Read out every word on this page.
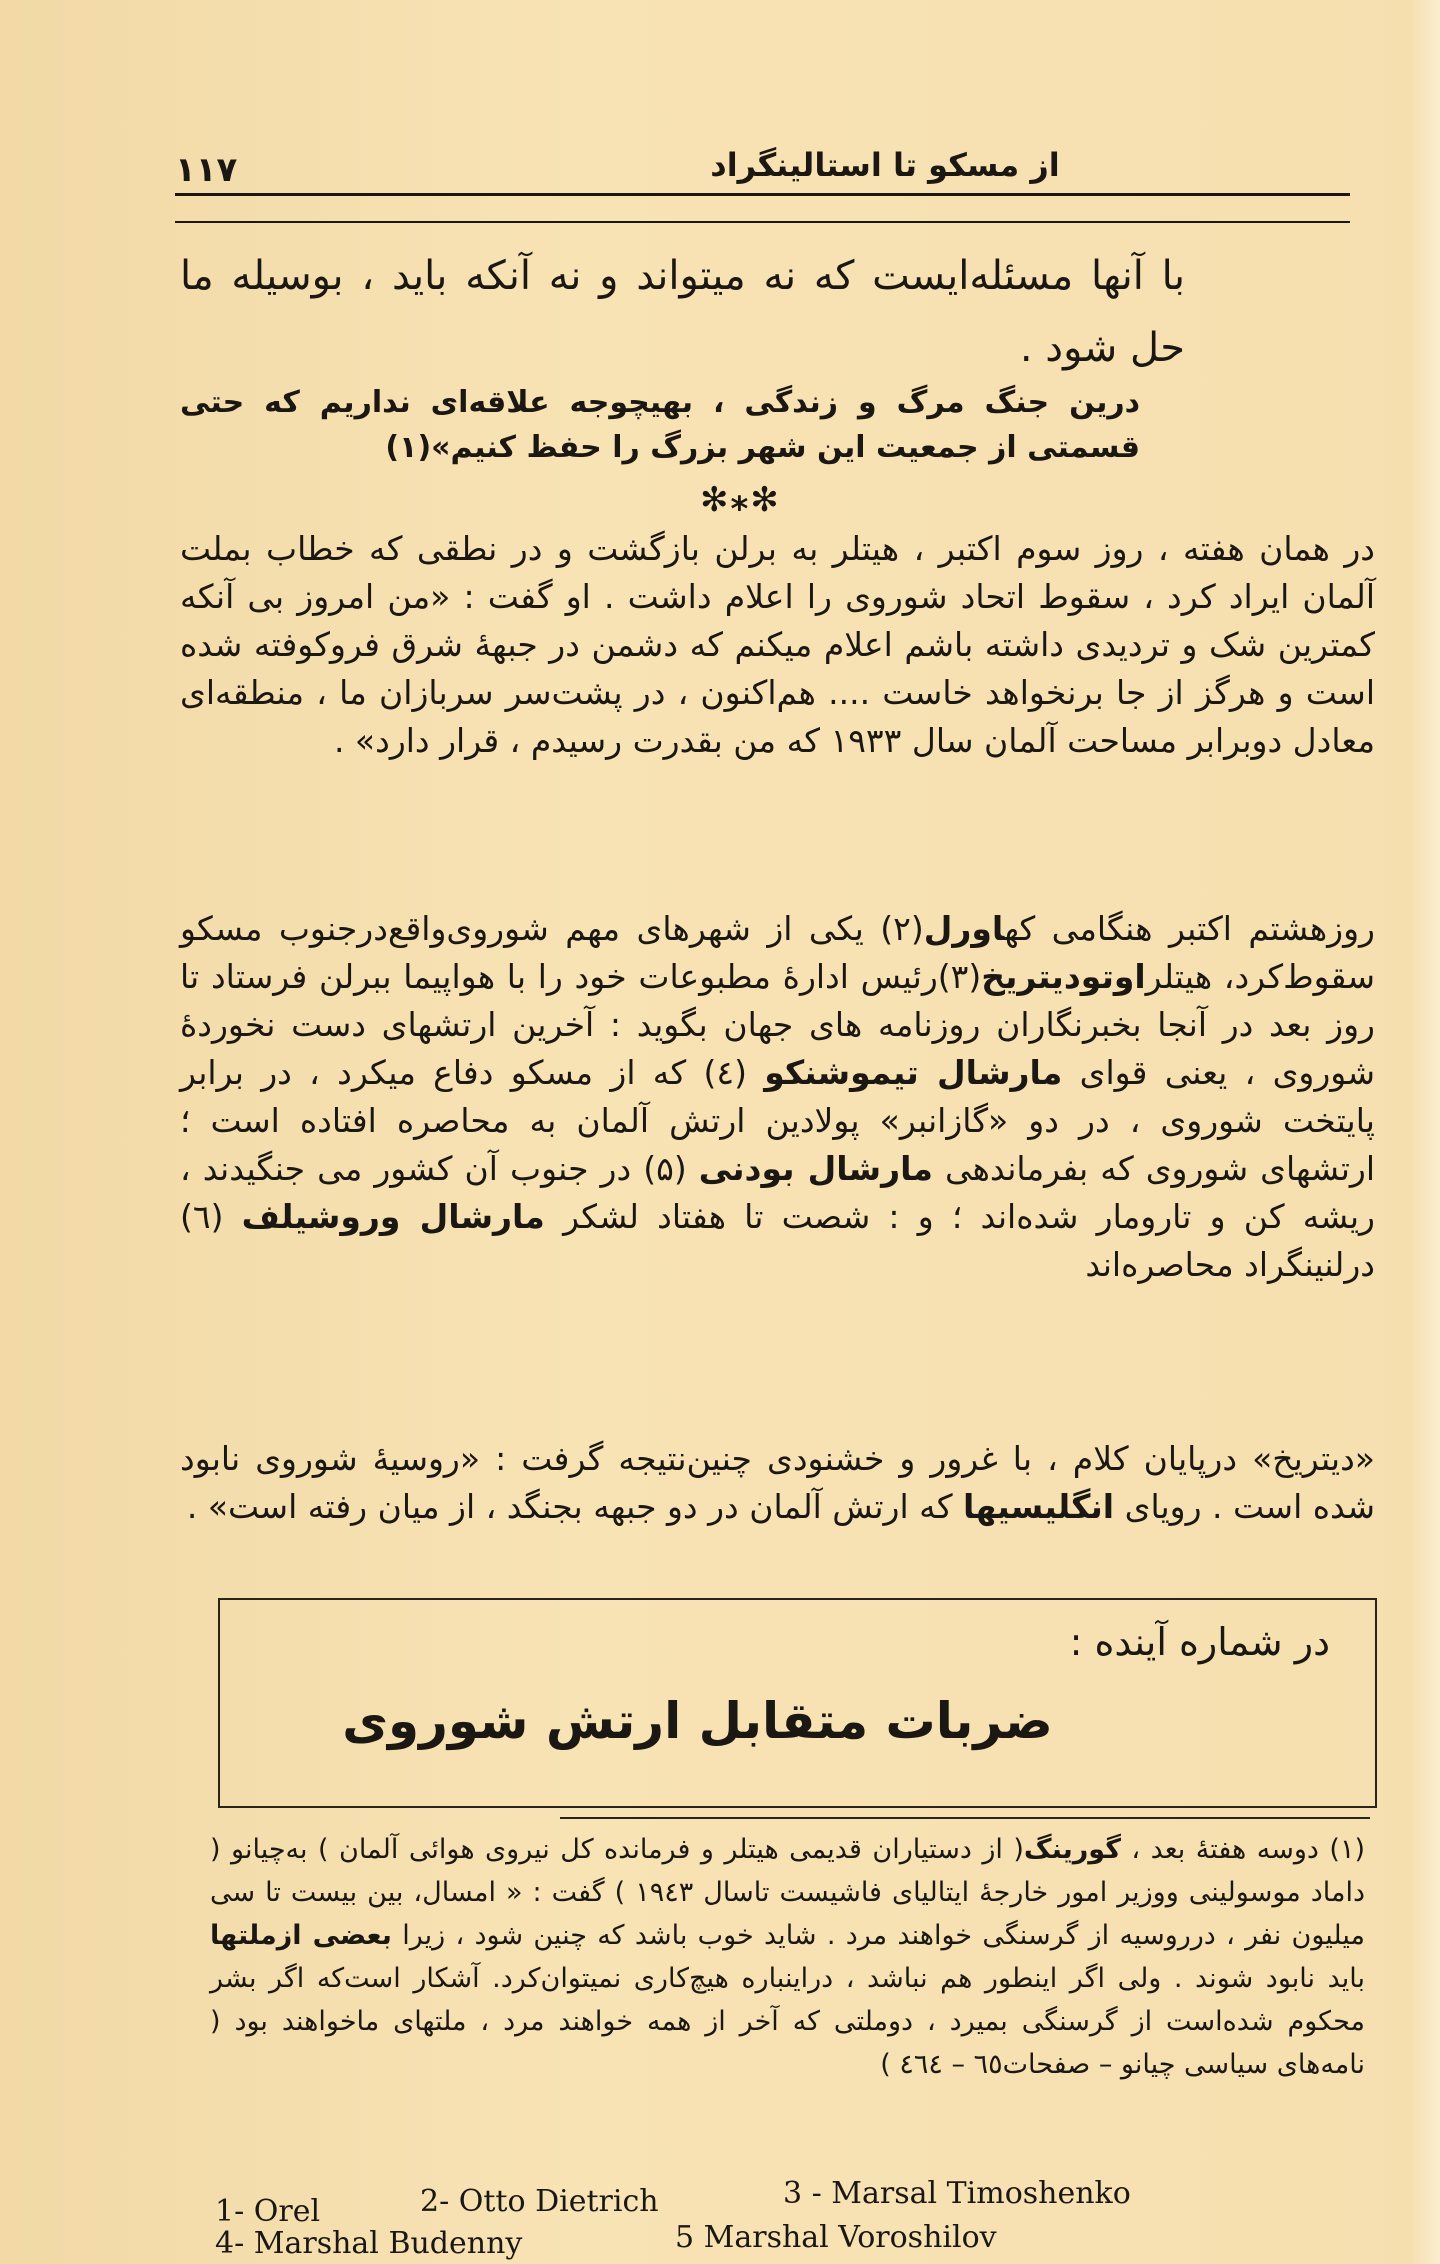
۱۱۷	از مسکو تا استالینگراد
با آنها مسئله‌ایست که نه میتواند و نه آنکه باید ، بوسیله ما حل شود .
درین جنگ مرگ و زندگی ، بهیچوجه علاقه‌ای نداریم که حتی قسمتی از جمعیت این شهر بزرگ را حفظ کنیم»(۱)
✻⁎✻
در همان هفته ، روز سوم اکتبر ، هیتلر به برلن بازگشت و در نطقی که خطاب بملت آلمان ایراد کرد ، سقوط اتحاد شوروی را اعلام داشت . او گفت : «من امروز بی آنکه کمترین شک و تردیدی داشته باشم اعلام میکنم که دشمن در جبههٔ شرق فروکوفته شده است و هرگز از جا برنخواهد خاست .... هم‌اکنون ، در پشت‌سر سربازان ما ، منطقه‌ای معادل دوبرابر مساحت آلمان سال ۱۹۳۳ که من بقدرت رسیدم ، قرار دارد» .
روزهشتم اکتبر هنگامی کهاورل(۲) یکی از شهرهای مهم شوروی‌واقع‌درجنوب مسکو سقوط‌کرد، هیتلراوتودیتریخ(۳)رئیس ادارهٔ مطبوعات خود را با هواپیما ببرلن فرستاد تا روز بعد در آنجا بخبرنگاران روزنامه های جهان بگوید : آخرین ارتشهای دست نخوردهٔ شوروی ، یعنی قوای مارشال تیموشنکو (٤) که از مسکو دفاع میکرد ، در برابر پایتخت شوروی ، در دو «گازانبر» پولادین ارتش آلمان به محاصره افتاده است ؛ ارتشهای شوروی که بفرماندهی مارشال بودنی (۵) در جنوب آن کشور می جنگیدند ، ریشه کن و تارومار شده‌اند ؛ و : شصت تا هفتاد لشکر مارشال وروشیلف (٦) درلنینگراد محاصره‌اند
«دیتریخ» درپایان کلام ، با غرور و خشنودی چنین‌نتیجه گرفت : «روسیهٔ شوروی نابود شده است . رویای انگلیسیها که ارتش آلمان در دو جبهه بجنگد ، از میان رفته است» .
در شماره آینده :
ضربات متقابل ارتش شوروی
(۱) دوسه هفتهٔ بعد ، گورینگ( از دستیاران قدیمی هیتلر و فرمانده کل نیروی هوائی آلمان ) به‌چیانو ( داماد موسولینی ووزیر امور خارجهٔ ایتالیای فاشیست تاسال ۱۹٤۳ ) گفت : « امسال، بین بیست تا سی میلیون نفر ، درروسیه از گرسنگی خواهند مرد . شاید خوب باشد که چنین شود ، زیرا بعضی ازملتها باید نابود شوند . ولی اگر اینطور هم نباشد ، دراینباره هیچ‌کاری نمیتوان‌کرد. آشکار است‌که اگر بشر محکوم شده‌است از گرسنگی بمیرد ، دوملتی که آخر از همه خواهند مرد ، ملتهای ماخواهند بود ( نامه‌های سیاسی چیانو – صفحات٦٥ – ٤٦٤ )
1- Orel	2- Otto Dietrich	3 - Marsal Timoshenko
4- Marshal Budenny	5 Marshal Voroshilov
